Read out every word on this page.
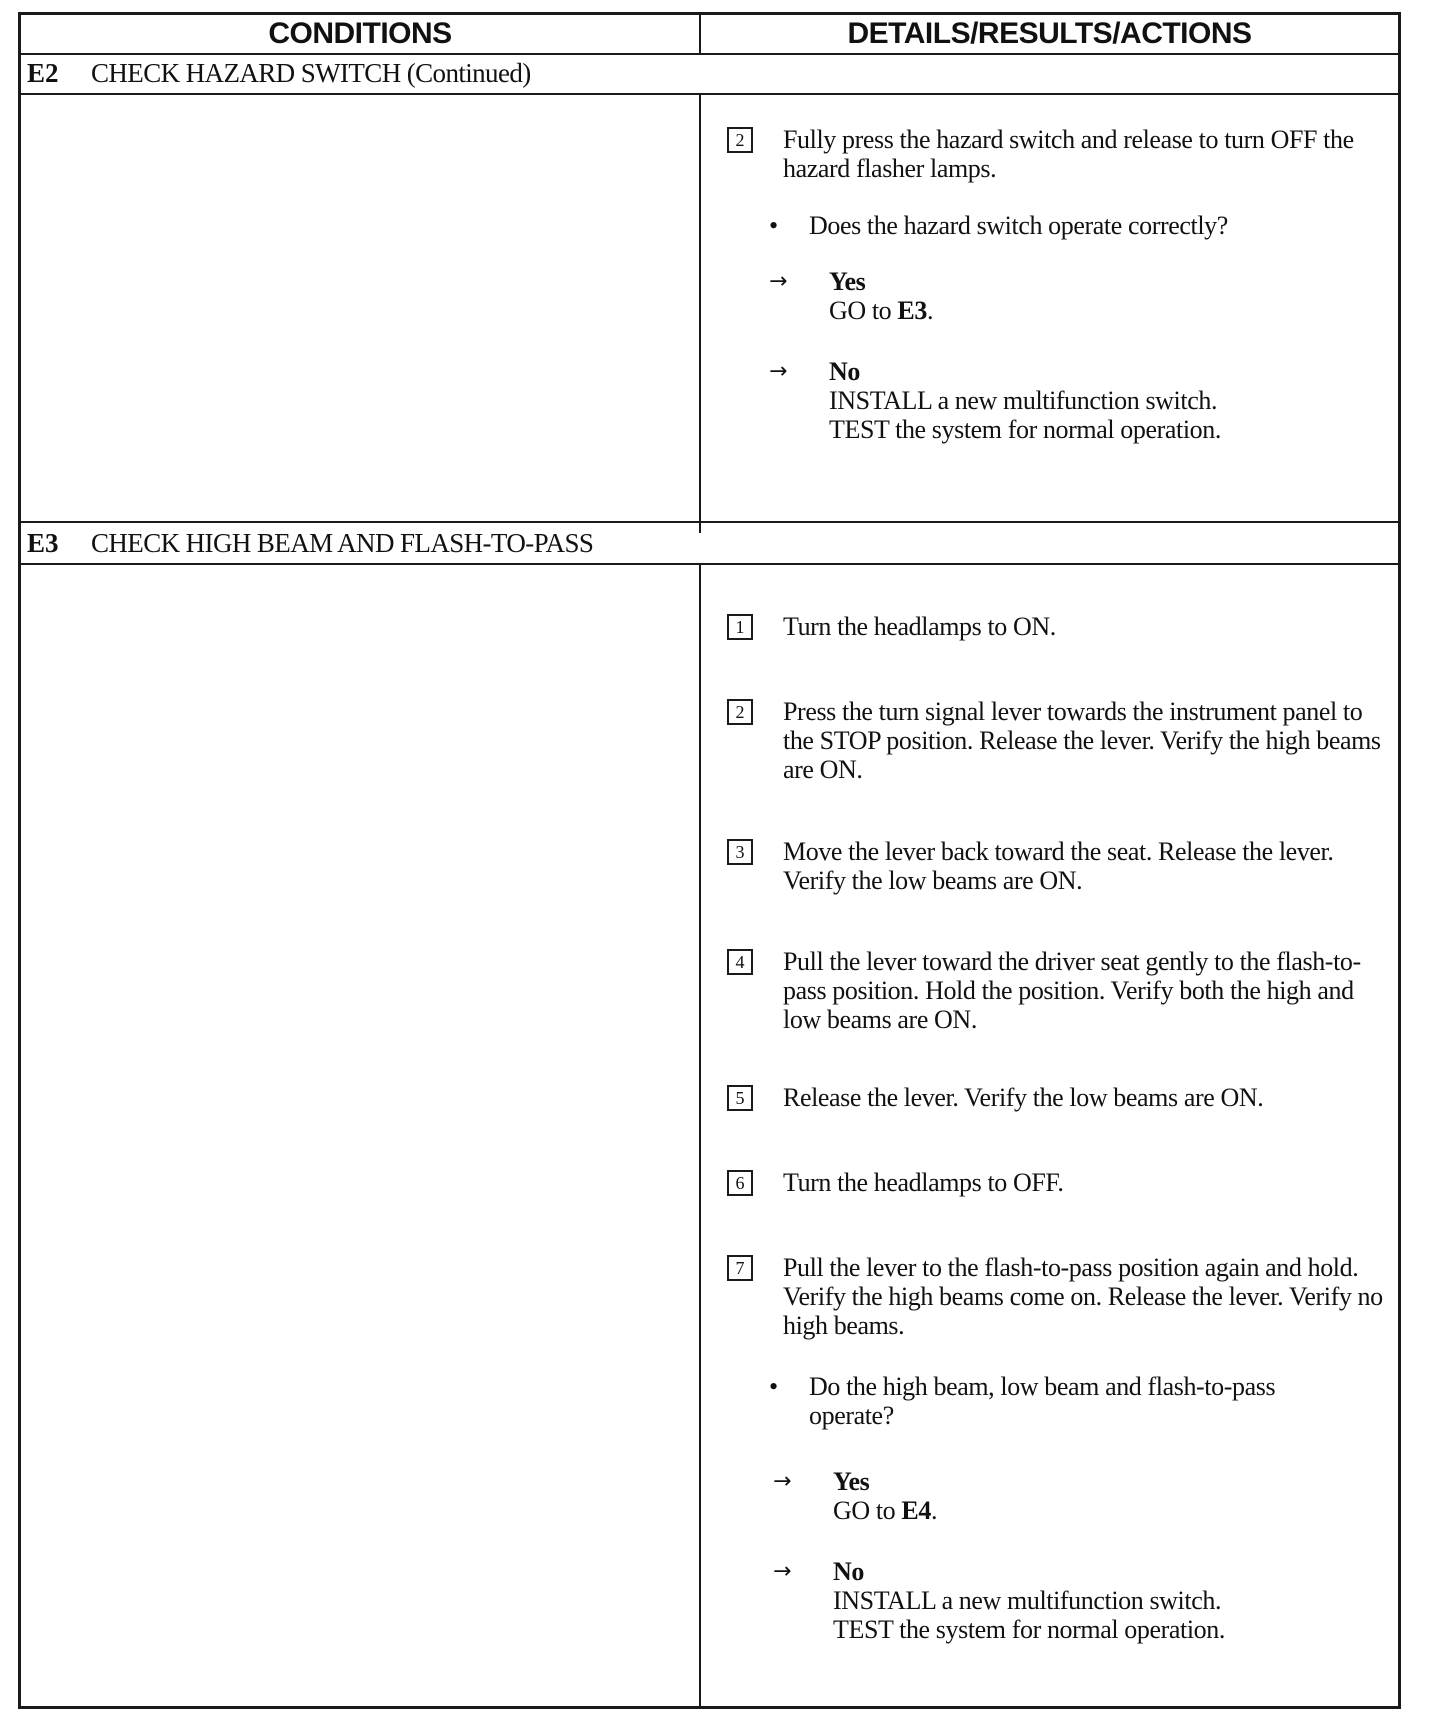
CONDITIONS	DETAILS/RESULTS/ACTIONS
E2 CHECK HAZARD SWITCH (Continued)
2	Fully press the hazard switch and release to turn OFF the hazard flasher lamps.
• Does the hazard switch operate correctly?
→ Yes
GO to E3.
→ No
INSTALL a new multifunction switch.
TEST the system for normal operation.
E3 CHECK HIGH BEAM AND FLASH-TO-PASS
1	Turn the headlamps to ON.
2	Press the turn signal lever towards the instrument panel to the STOP position. Release the lever. Verify the high beams are ON.
3	Move the lever back toward the seat. Release the lever. Verify the low beams are ON.
4	Pull the lever toward the driver seat gently to the flash-to-pass position. Hold the position. Verify both the high and low beams are ON.
5	Release the lever. Verify the low beams are ON.
6	Turn the headlamps to OFF.
7	Pull the lever to the flash-to-pass position again and hold. Verify the high beams come on. Release the lever. Verify no high beams.
• Do the high beam, low beam and flash-to-pass operate?
→ Yes
GO to E4.
→ No
INSTALL a new multifunction switch.
TEST the system for normal operation.
